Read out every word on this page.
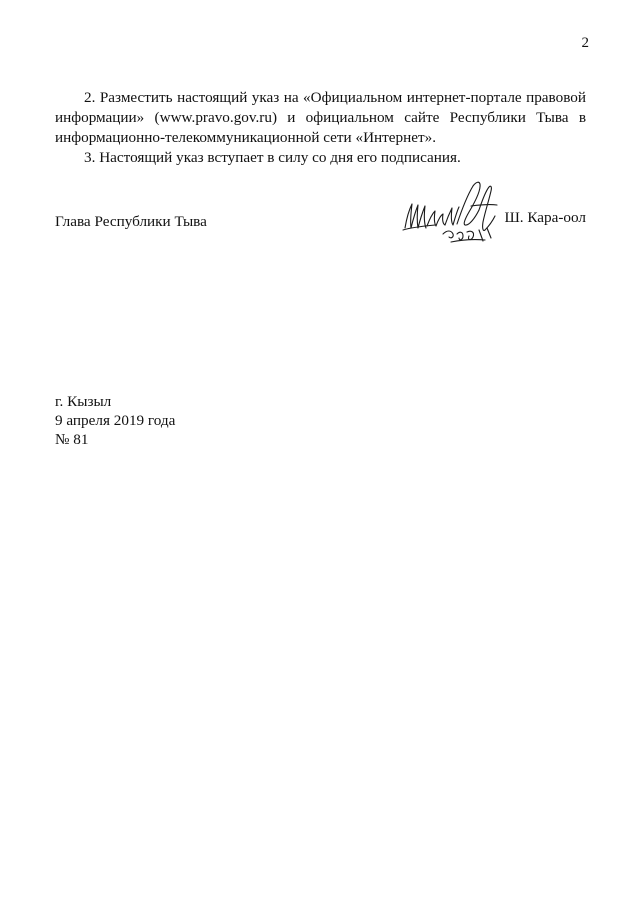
2

2. Разместить настоящий указ на «Официальном интернет-портале правовой информации» (www.pravo.gov.ru) и официальном сайте Республики Тыва в информационно-телекоммуникационной сети «Интернет».

3. Настоящий указ вступает в силу со дня его подписания.

Глава Республики Тыва	Ш. Кара-оол
г. Кызыл
9 апреля 2019 года
№ 81
